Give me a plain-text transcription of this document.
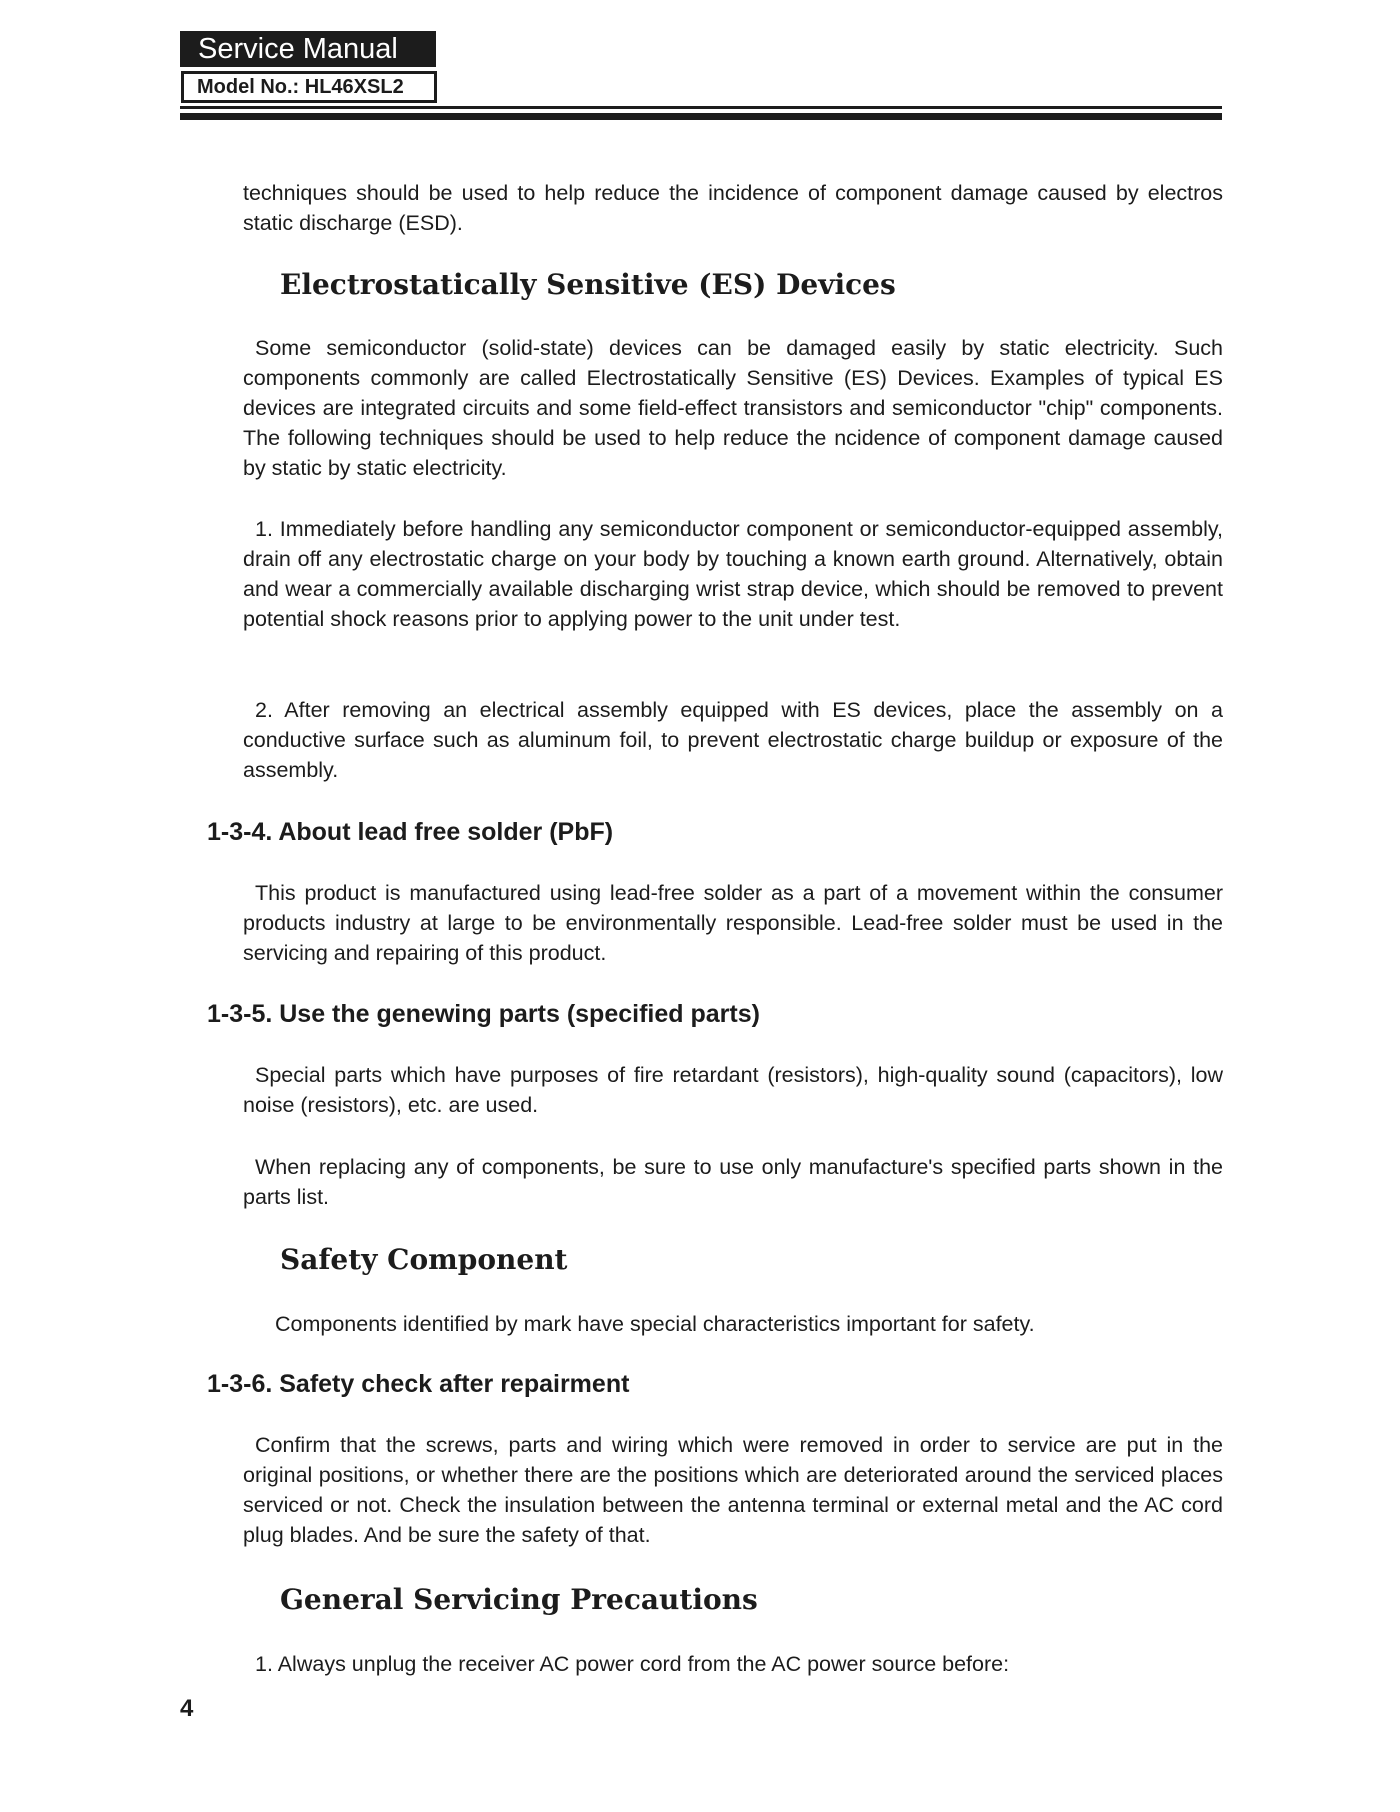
Service Manual
Model No.: HL46XSL2

techniques should be used to help reduce the incidence of component damage caused by electros static discharge (ESD).

Electrostatically Sensitive (ES) Devices

Some semiconductor (solid-state) devices can be damaged easily by static electricity. Such components commonly are called Electrostatically Sensitive (ES) Devices. Examples of typical ES devices are integrated circuits and some field-effect transistors and semiconductor "chip" components. The following techniques should be used to help reduce the ncidence of component damage caused by static by static electricity.

1. Immediately before handling any semiconductor component or semiconductor-equipped assembly, drain off any electrostatic charge on your body by touching a known earth ground. Alternatively, obtain and wear a commercially available discharging wrist strap device, which should be removed to prevent potential shock reasons prior to applying power to the unit under test.

2. After removing an electrical assembly equipped with ES devices, place the assembly on a conductive surface such as aluminum foil, to prevent electrostatic charge buildup or exposure of the assembly.

1-3-4. About lead free solder (PbF)

This product is manufactured using lead-free solder as a part of a movement within the consumer products industry at large to be environmentally responsible. Lead-free solder must be used in the servicing and repairing of this product.

1-3-5. Use the genewing parts (specified parts)

Special parts which have purposes of fire retardant (resistors), high-quality sound (capacitors), low noise (resistors), etc. are used.

When replacing any of components, be sure to use only manufacture's specified parts shown in the parts list.

Safety Component

Components identified by mark have special characteristics important for safety.

1-3-6. Safety check after repairment

Confirm that the screws, parts and wiring which were removed in order to service are put in the original positions, or whether there are the positions which are deteriorated around the serviced places serviced or not. Check the insulation between the antenna terminal or external metal and the AC cord plug blades. And be sure the safety of that.

General Servicing Precautions

1. Always unplug the receiver AC power cord from the AC power source before:

4
